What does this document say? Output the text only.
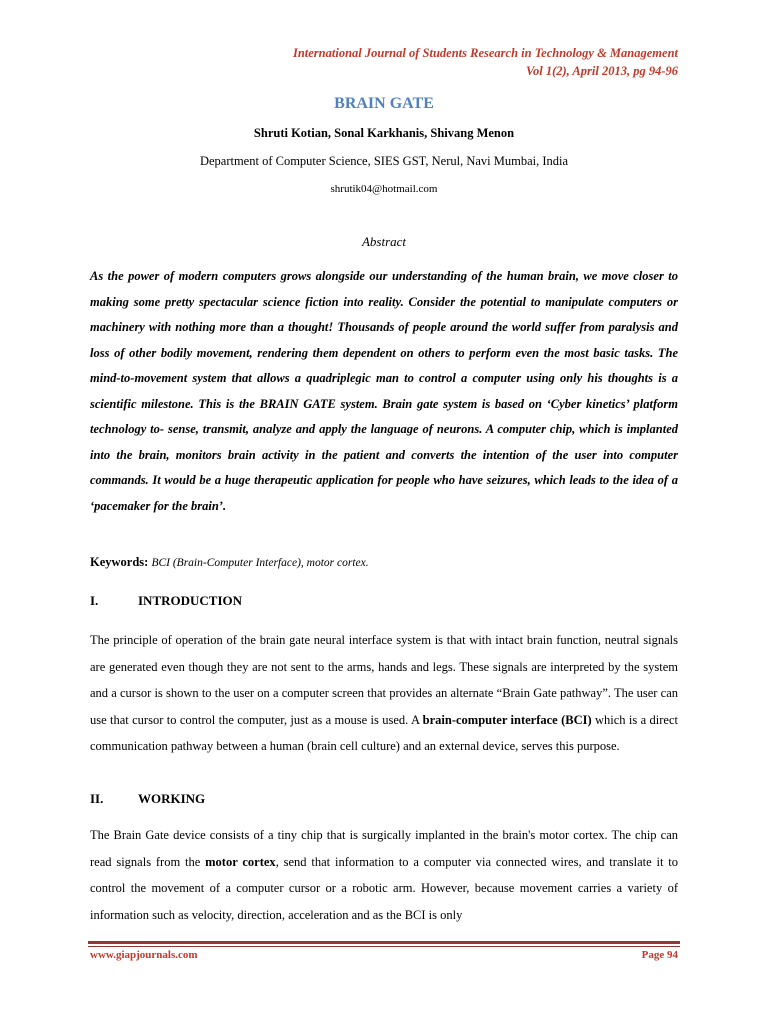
International Journal of Students Research in Technology & Management
Vol 1(2), April 2013, pg 94-96
BRAIN GATE
Shruti Kotian, Sonal Karkhanis, Shivang Menon
Department of Computer Science, SIES GST, Nerul, Navi Mumbai, India
shrutik04@hotmail.com
Abstract

As the power of modern computers grows alongside our understanding of the human brain, we move closer to making some pretty spectacular science fiction into reality. Consider the potential to manipulate computers or machinery with nothing more than a thought! Thousands of people around the world suffer from paralysis and loss of other bodily movement, rendering them dependent on others to perform even the most basic tasks. The mind-to-movement system that allows a quadriplegic man to control a computer using only his thoughts is a scientific milestone. This is the BRAIN GATE system. Brain gate system is based on ‘Cyber kinetics’ platform technology to- sense, transmit, analyze and apply the language of neurons. A computer chip, which is implanted into the brain, monitors brain activity in the patient and converts the intention of the user into computer commands. It would be a huge therapeutic application for people who have seizures, which leads to the idea of a ‘pacemaker for the brain’.

Keywords: BCI (Brain-Computer Interface), motor cortex.
I.	INTRODUCTION

The principle of operation of the brain gate neural interface system is that with intact brain function, neutral signals are generated even though they are not sent to the arms, hands and legs. These signals are interpreted by the system and a cursor is shown to the user on a computer screen that provides an alternate “Brain Gate pathway”. The user can use that cursor to control the computer, just as a mouse is used. A brain-computer interface (BCI) which is a direct communication pathway between a human (brain cell culture) and an external device, serves this purpose.

II.	WORKING

The Brain Gate device consists of a tiny chip that is surgically implanted in the brain's motor cortex. The chip can read signals from the motor cortex, send that information to a computer via connected wires, and translate it to control the movement of a computer cursor or a robotic arm. However, because movement carries a variety of information such as velocity, direction, acceleration and as the BCI is only

www.giapjournals.com	Page 94
